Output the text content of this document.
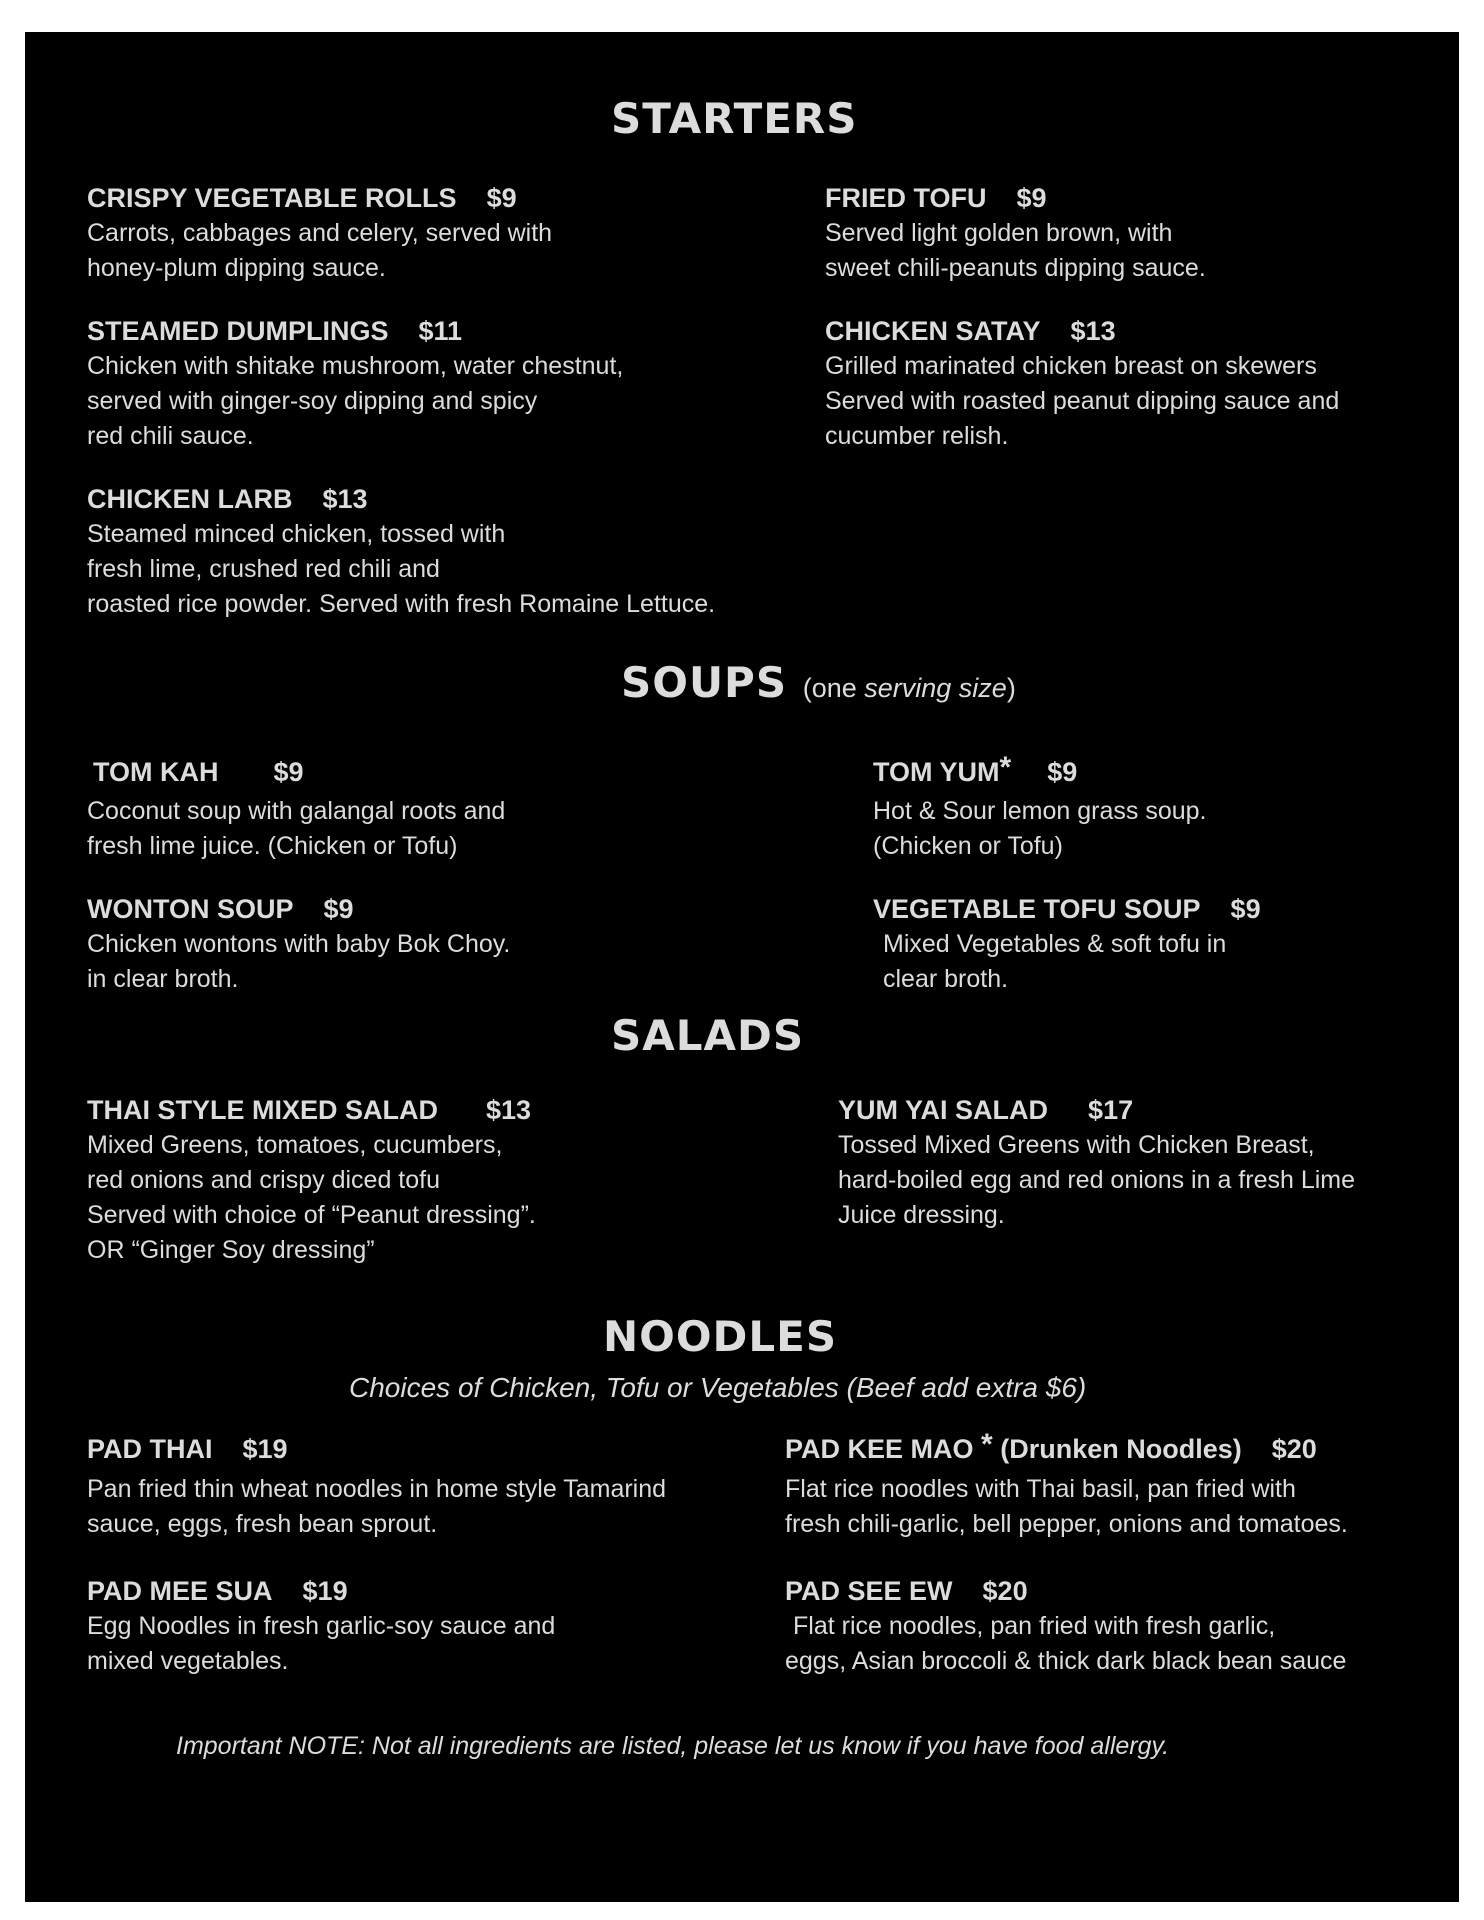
STARTERS
CRISPY VEGETABLE ROLLS $9
Carrots, cabbages and celery, served with
honey-plum dipping sauce.
FRIED TOFU $9
Served light golden brown, with
sweet chili-peanuts dipping sauce.
STEAMED DUMPLINGS $11
Chicken with shitake mushroom, water chestnut,
served with ginger-soy dipping and spicy
red chili sauce.
CHICKEN SATAY $13
Grilled marinated chicken breast on skewers
Served with roasted peanut dipping sauce and
cucumber relish.
CHICKEN LARB $13
Steamed minced chicken, tossed with
fresh lime, crushed red chili and
roasted rice powder. Served with fresh Romaine Lettuce.
SOUPS (one serving size)
TOM KAH $9
Coconut soup with galangal roots and
fresh lime juice. (Chicken or Tofu)
TOM YUM* $9
Hot & Sour lemon grass soup.
(Chicken or Tofu)
WONTON SOUP $9
Chicken wontons with baby Bok Choy.
in clear broth.
VEGETABLE TOFU SOUP $9
Mixed Vegetables & soft tofu in
clear broth.
SALADS
THAI STYLE MIXED SALAD $13
Mixed Greens, tomatoes, cucumbers,
red onions and crispy diced tofu
Served with choice of “Peanut dressing”.
OR “Ginger Soy dressing”
YUM YAI SALAD $17
Tossed Mixed Greens with Chicken Breast,
hard-boiled egg and red onions in a fresh Lime
Juice dressing.
NOODLES
Choices of Chicken, Tofu or Vegetables (Beef add extra $6)
PAD THAI $19
Pan fried thin wheat noodles in home style Tamarind
sauce, eggs, fresh bean sprout.
PAD KEE MAO * (Drunken Noodles) $20
Flat rice noodles with Thai basil, pan fried with
fresh chili-garlic, bell pepper, onions and tomatoes.
PAD MEE SUA $19
Egg Noodles in fresh garlic-soy sauce and
mixed vegetables.
PAD SEE EW $20
Flat rice noodles, pan fried with fresh garlic,
eggs, Asian broccoli & thick dark black bean sauce
Important NOTE: Not all ingredients are listed, please let us know if you have food allergy.
